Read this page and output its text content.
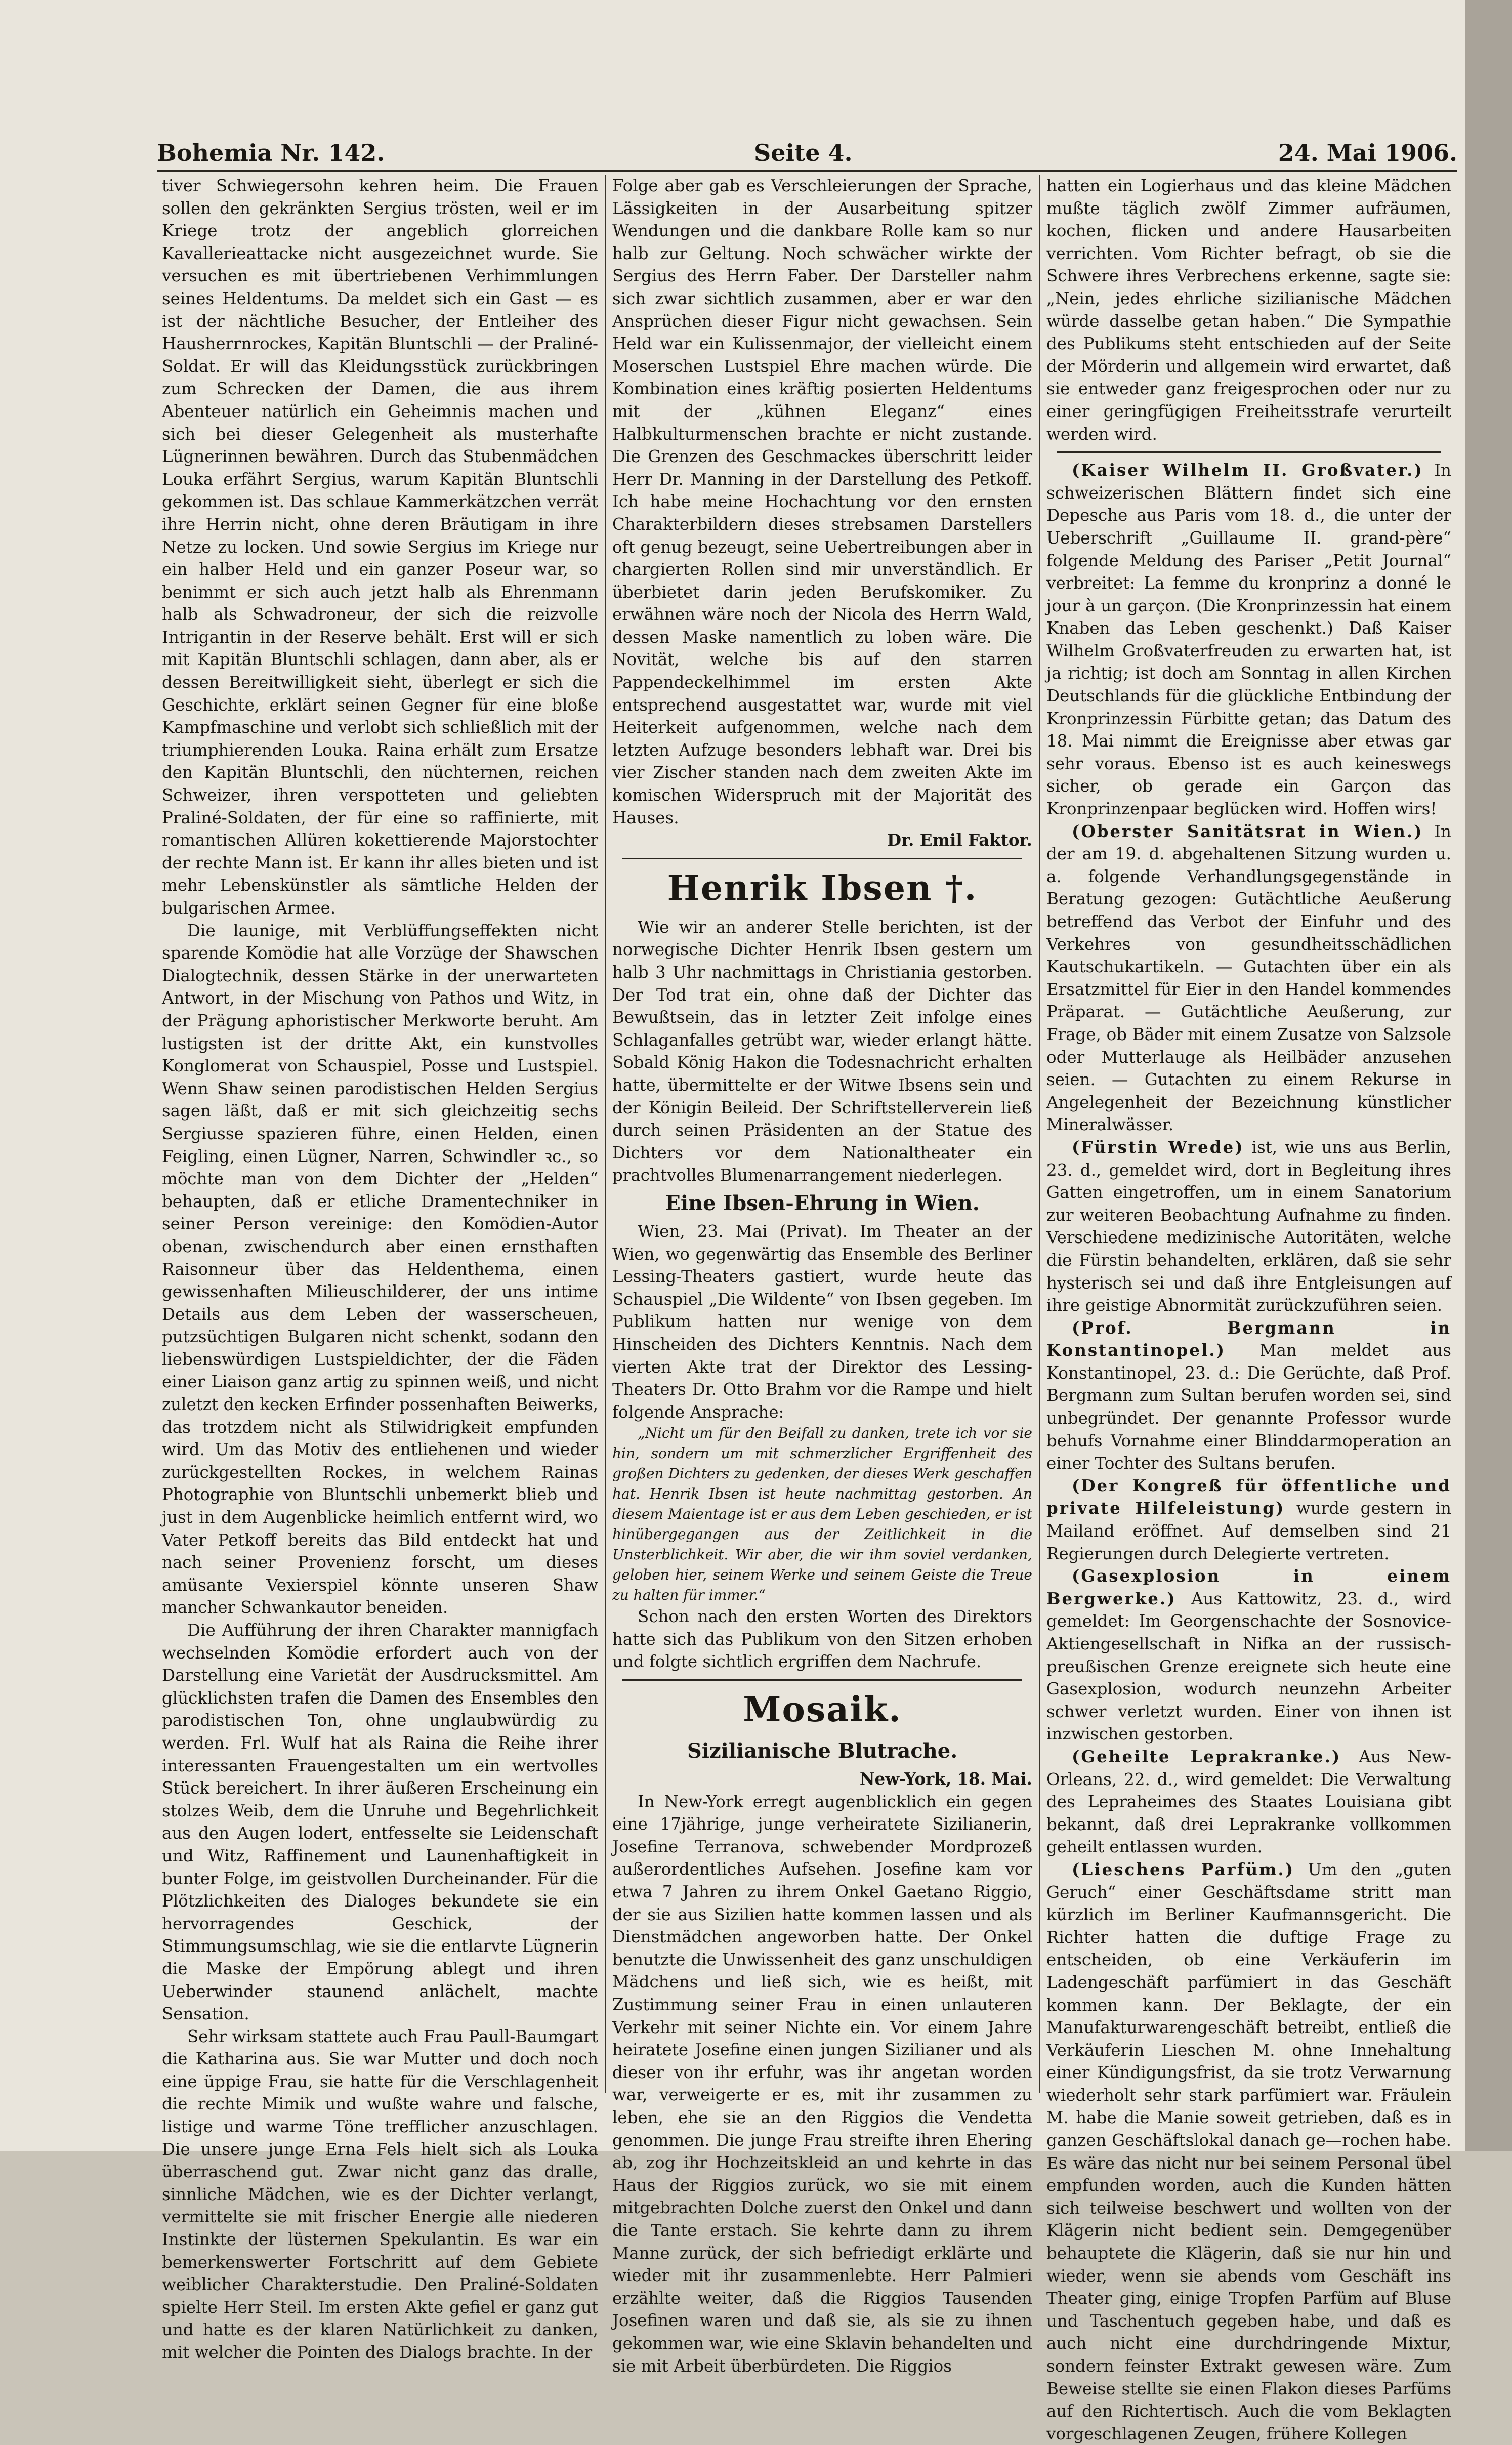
Bohemia Nr. 142.	Seite 4.	24. Mai 1906.

tiver Schwiegersohn kehren heim. Die Frauen sollen den gekränkten Sergius trösten, weil er im Kriege trotz der angeblich glorreichen Kavallerieattacke nicht ausgezeichnet wurde. Sie versuchen es mit übertriebenen Verhimmlungen seines Heldentums. Da meldet sich ein Gast — es ist der nächtliche Besucher, der Entleiher des Hausherrnrockes, Kapitän Bluntschli — der Praliné-Soldat. Er will das Kleidungsstück zurückbringen zum Schrecken der Damen, die aus ihrem Abenteuer natürlich ein Geheimnis machen und sich bei dieser Gelegenheit als musterhafte Lügnerinnen bewähren. Durch das Stubenmädchen Louka erfährt Sergius, warum Kapitän Bluntschli gekommen ist. Das schlaue Kammerkätzchen verrät ihre Herrin nicht, ohne deren Bräutigam in ihre Netze zu locken. Und sowie Sergius im Kriege nur ein halber Held und ein ganzer Poseur war, so benimmt er sich auch jetzt halb als Ehrenmann halb als Schwadroneur, der sich die reizvolle Intrigantin in der Reserve behält. Erst will er sich mit Kapitän Bluntschli schlagen, dann aber, als er dessen Bereitwilligkeit sieht, überlegt er sich die Geschichte, erklärt seinen Gegner für eine bloße Kampfmaschine und verlobt sich schließlich mit der triumphierenden Louka. Raina erhält zum Ersatze den Kapitän Bluntschli, den nüchternen, reichen Schweizer, ihren verspotteten und geliebten Praliné-Soldaten, der für eine so raffinierte, mit romantischen Allüren kokettierende Majorstochter der rechte Mann ist. Er kann ihr alles bieten und ist mehr Lebenskünstler als sämtliche Helden der bulgarischen Armee.

Die launige, mit Verblüffungseffekten nicht sparende Komödie hat alle Vorzüge der Shawschen Dialogtechnik, dessen Stärke in der unerwarteten Antwort, in der Mischung von Pathos und Witz, in der Prägung aphoristischer Merkworte beruht. Am lustigsten ist der dritte Akt, ein kunstvolles Konglomerat von Schauspiel, Posse und Lustspiel. Wenn Shaw seinen parodistischen Helden Sergius sagen läßt, daß er mit sich gleichzeitig sechs Sergiusse spazieren führe, einen Helden, einen Feigling, einen Lügner, Narren, Schwindler ꝛc., so möchte man von dem Dichter der „Helden“ behaupten, daß er etliche Dramentechniker in seiner Person vereinige: den Komödien-Autor obenan, zwischendurch aber einen ernsthaften Raisonneur über das Heldenthema, einen gewissenhaften Milieuschilderer, der uns intime Details aus dem Leben der wasserscheuen, putzsüchtigen Bulgaren nicht schenkt, sodann den liebenswürdigen Lustspieldichter, der die Fäden einer Liaison ganz artig zu spinnen weiß, und nicht zuletzt den kecken Erfinder possenhaften Beiwerks, das trotzdem nicht als Stilwidrigkeit empfunden wird. Um das Motiv des entliehenen und wieder zurückgestellten Rockes, in welchem Rainas Photographie von Bluntschli unbemerkt blieb und just in dem Augenblicke heimlich entfernt wird, wo Vater Petkoff bereits das Bild entdeckt hat und nach seiner Provenienz forscht, um dieses amüsante Vexierspiel könnte unseren Shaw mancher Schwankautor beneiden.

Die Aufführung der ihren Charakter mannigfach wechselnden Komödie erfordert auch von der Darstellung eine Varietät der Ausdrucksmittel. Am glücklichsten trafen die Damen des Ensembles den parodistischen Ton, ohne unglaubwürdig zu werden. Frl. Wulf hat als Raina die Reihe ihrer interessanten Frauengestalten um ein wertvolles Stück bereichert. In ihrer äußeren Erscheinung ein stolzes Weib, dem die Unruhe und Begehrlichkeit aus den Augen lodert, entfesselte sie Leidenschaft und Witz, Raffinement und Launenhaftigkeit in bunter Folge, im geistvollen Durcheinander. Für die Plötzlichkeiten des Dialoges bekundete sie ein hervorragendes Geschick, der Stimmungsumschlag, wie sie die entlarvte Lügnerin die Maske der Empörung ablegt und ihren Ueberwinder staunend anlächelt, machte Sensation.

Sehr wirksam stattete auch Frau Paull-Baumgart die Katharina aus. Sie war Mutter und doch noch eine üppige Frau, sie hatte für die Verschlagenheit die rechte Mimik und wußte wahre und falsche, listige und warme Töne trefflicher anzuschlagen. Die unsere junge Erna Fels hielt sich als Louka überraschend gut. Zwar nicht ganz das dralle, sinnliche Mädchen, wie es der Dichter verlangt, vermittelte sie mit frischer Energie alle niederen Instinkte der lüsternen Spekulantin. Es war ein bemerkenswerter Fortschritt auf dem Gebiete weiblicher Charakterstudie. Den Praliné-Soldaten spielte Herr Steil. Im ersten Akte gefiel er ganz gut und hatte es der klaren Natürlichkeit zu danken, mit welcher die Pointen des Dialogs brachte. In der

Folge aber gab es Verschleierungen der Sprache, Lässigkeiten in der Ausarbeitung spitzer Wendungen und die dankbare Rolle kam so nur halb zur Geltung. Noch schwächer wirkte der Sergius des Herrn Faber. Der Darsteller nahm sich zwar sichtlich zusammen, aber er war den Ansprüchen dieser Figur nicht gewachsen. Sein Held war ein Kulissenmajor, der vielleicht einem Moserschen Lustspiel Ehre machen würde. Die Kombination eines kräftig posierten Heldentums mit der „kühnen Eleganz“ eines Halbkulturmenschen brachte er nicht zustande. Die Grenzen des Geschmackes überschritt leider Herr Dr. Manning in der Darstellung des Petkoff. Ich habe meine Hochachtung vor den ernsten Charakterbildern dieses strebsamen Darstellers oft genug bezeugt, seine Uebertreibungen aber in chargierten Rollen sind mir unverständlich. Er überbietet darin jeden Berufskomiker. Zu erwähnen wäre noch der Nicola des Herrn Wald, dessen Maske namentlich zu loben wäre. Die Novität, welche bis auf den starren Pappendeckelhimmel im ersten Akte entsprechend ausgestattet war, wurde mit viel Heiterkeit aufgenommen, welche nach dem letzten Aufzuge besonders lebhaft war. Drei bis vier Zischer standen nach dem zweiten Akte im komischen Widerspruch mit der Majorität des Hauses.

Dr. Emil Faktor.

Henrik Ibsen †.

Wie wir an anderer Stelle berichten, ist der norwegische Dichter Henrik Ibsen gestern um halb 3 Uhr nachmittags in Christiania gestorben. Der Tod trat ein, ohne daß der Dichter das Bewußtsein, das in letzter Zeit infolge eines Schlaganfalles getrübt war, wieder erlangt hätte. Sobald König Hakon die Todesnachricht erhalten hatte, übermittelte er der Witwe Ibsens sein und der Königin Beileid. Der Schriftstellerverein ließ durch seinen Präsidenten an der Statue des Dichters vor dem Nationaltheater ein prachtvolles Blumenarrangement niederlegen.

Eine Ibsen-Ehrung in Wien.

Wien, 23. Mai (Privat). Im Theater an der Wien, wo gegenwärtig das Ensemble des Berliner Lessing-Theaters gastiert, wurde heute das Schauspiel „Die Wildente“ von Ibsen gegeben. Im Publikum hatten nur wenige von dem Hinscheiden des Dichters Kenntnis. Nach dem vierten Akte trat der Direktor des Lessing-Theaters Dr. Otto Brahm vor die Rampe und hielt folgende Ansprache:

„Nicht um für den Beifall zu danken, trete ich vor sie hin, sondern um mit schmerzlicher Ergriffenheit des großen Dichters zu gedenken, der dieses Werk geschaffen hat. Henrik Ibsen ist heute nachmittag gestorben. An diesem Maientage ist er aus dem Leben geschieden, er ist hinübergegangen aus der Zeitlichkeit in die Unsterblichkeit. Wir aber, die wir ihm soviel verdanken, geloben hier, seinem Werke und seinem Geiste die Treue zu halten für immer.“

Schon nach den ersten Worten des Direktors hatte sich das Publikum von den Sitzen erhoben und folgte sichtlich ergriffen dem Nachrufe.

Mosaik.
Sizilianische Blutrache.

New-York, 18. Mai.

In New-York erregt augenblicklich ein gegen eine 17jährige, junge verheiratete Sizilianerin, Josefine Terranova, schwebender Mordprozeß außerordentliches Aufsehen. Josefine kam vor etwa 7 Jahren zu ihrem Onkel Gaetano Riggio, der sie aus Sizilien hatte kommen lassen und als Dienstmädchen angeworben hatte. Der Onkel benutzte die Unwissenheit des ganz unschuldigen Mädchens und ließ sich, wie es heißt, mit Zustimmung seiner Frau in einen unlauteren Verkehr mit seiner Nichte ein. Vor einem Jahre heiratete Josefine einen jungen Sizilianer und als dieser von ihr erfuhr, was ihr angetan worden war, verweigerte er es, mit ihr zusammen zu leben, ehe sie an den Riggios die Vendetta genommen. Die junge Frau streifte ihren Ehering ab, zog ihr Hochzeitskleid an und kehrte in das Haus der Riggios zurück, wo sie mit einem mitgebrachten Dolche zuerst den Onkel und dann die Tante erstach. Sie kehrte dann zu ihrem Manne zurück, der sich befriedigt erklärte und wieder mit ihr zusammenlebte. Herr Palmieri erzählte weiter, daß die Riggios Tausenden Josefinen waren und daß sie, als sie zu ihnen gekommen war, wie eine Sklavin behandelten und sie mit Arbeit überbürdeten. Die Riggios

hatten ein Logierhaus und das kleine Mädchen mußte täglich zwölf Zimmer aufräumen, kochen, flicken und andere Hausarbeiten verrichten. Vom Richter befragt, ob sie die Schwere ihres Verbrechens erkenne, sagte sie: „Nein, jedes ehrliche sizilianische Mädchen würde dasselbe getan haben.“ Die Sympathie des Publikums steht entschieden auf der Seite der Mörderin und allgemein wird erwartet, daß sie entweder ganz freigesprochen oder nur zu einer geringfügigen Freiheitsstrafe verurteilt werden wird.

(Kaiser Wilhelm II. Großvater.) In schweizerischen Blättern findet sich eine Depesche aus Paris vom 18. d., die unter der Ueberschrift „Guillaume II. grand-père“ folgende Meldung des Pariser „Petit Journal“ verbreitet: La femme du kronprinz a donné le jour à un garçon. (Die Kronprinzessin hat einem Knaben das Leben geschenkt.) Daß Kaiser Wilhelm Großvaterfreuden zu erwarten hat, ist ja richtig; ist doch am Sonntag in allen Kirchen Deutschlands für die glückliche Entbindung der Kronprinzessin Fürbitte getan; das Datum des 18. Mai nimmt die Ereignisse aber etwas gar sehr voraus. Ebenso ist es auch keineswegs sicher, ob gerade ein Garçon das Kronprinzenpaar beglücken wird. Hoffen wirs!

(Oberster Sanitätsrat in Wien.) In der am 19. d. abgehaltenen Sitzung wurden u. a. folgende Verhandlungsgegenstände in Beratung gezogen: Gutächtliche Aeußerung betreffend das Verbot der Einfuhr und des Verkehres von gesundheitsschädlichen Kautschukartikeln. — Gutachten über ein als Ersatzmittel für Eier in den Handel kommendes Präparat. — Gutächtliche Aeußerung, zur Frage, ob Bäder mit einem Zusatze von Salzsole oder Mutterlauge als Heilbäder anzusehen seien. — Gutachten zu einem Rekurse in Angelegenheit der Bezeichnung künstlicher Mineralwässer.

(Fürstin Wrede) ist, wie uns aus Berlin, 23. d., gemeldet wird, dort in Begleitung ihres Gatten eingetroffen, um in einem Sanatorium zur weiteren Beobachtung Aufnahme zu finden. Verschiedene medizinische Autoritäten, welche die Fürstin behandelten, erklären, daß sie sehr hysterisch sei und daß ihre Entgleisungen auf ihre geistige Abnormität zurückzuführen seien.

(Prof. Bergmann in Konstantinopel.) Man meldet aus Konstantinopel, 23. d.: Die Gerüchte, daß Prof. Bergmann zum Sultan berufen worden sei, sind unbegründet. Der genannte Professor wurde behufs Vornahme einer Blinddarmoperation an einer Tochter des Sultans berufen.

(Der Kongreß für öffentliche und private Hilfeleistung) wurde gestern in Mailand eröffnet. Auf demselben sind 21 Regierungen durch Delegierte vertreten.

(Gasexplosion in einem Bergwerke.) Aus Kattowitz, 23. d., wird gemeldet: Im Georgenschachte der Sosnovice-Aktiengesellschaft in Nifka an der russisch-preußischen Grenze ereignete sich heute eine Gasexplosion, wodurch neunzehn Arbeiter schwer verletzt wurden. Einer von ihnen ist inzwischen gestorben.

(Geheilte Leprakranke.) Aus New-Orleans, 22. d., wird gemeldet: Die Verwaltung des Lepraheimes des Staates Louisiana gibt bekannt, daß drei Leprakranke vollkommen geheilt entlassen wurden.

(Lieschens Parfüm.) Um den „guten Geruch“ einer Geschäftsdame stritt man kürzlich im Berliner Kaufmannsgericht. Die Richter hatten die duftige Frage zu entscheiden, ob eine Verkäuferin im Ladengeschäft parfümiert in das Geschäft kommen kann. Der Beklagte, der ein Manufakturwarengeschäft betreibt, entließ die Verkäuferin Lieschen M. ohne Innehaltung einer Kündigungsfrist, da sie trotz Verwarnung wiederholt sehr stark parfümiert war. Fräulein M. habe die Manie soweit getrieben, daß es in ganzen Geschäftslokal danach ge—rochen habe. Es wäre das nicht nur bei seinem Personal übel empfunden worden, auch die Kunden hätten sich teilweise beschwert und wollten von der Klägerin nicht bedient sein. Demgegenüber behauptete die Klägerin, daß sie nur hin und wieder, wenn sie abends vom Geschäft ins Theater ging, einige Tropfen Parfüm auf Bluse und Taschentuch gegeben habe, und daß es auch nicht eine durchdringende Mixtur, sondern feinster Extrakt gewesen wäre. Zum Beweise stellte sie einen Flakon dieses Parfüms auf den Richtertisch. Auch die vom Beklagten vorgeschlagenen Zeugen, frühere Kollegen
